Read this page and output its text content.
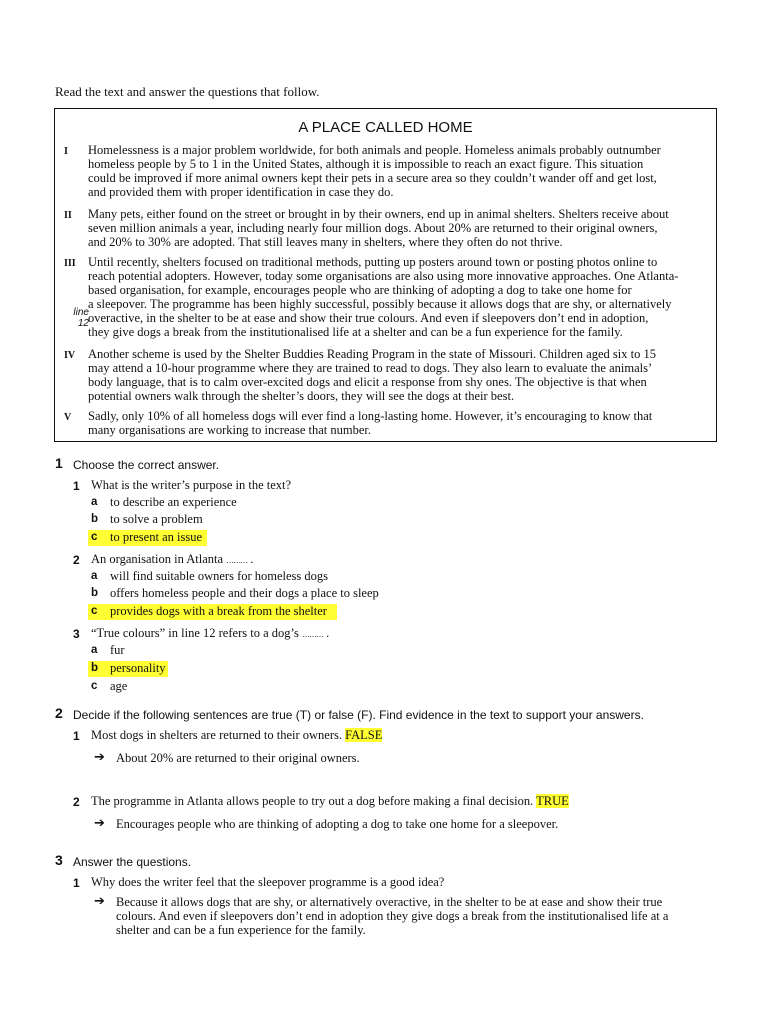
Read the text and answer the questions that follow.
A PLACE CALLED HOME
I Homelessness is a major problem worldwide, for both animals and people. Homeless animals probably outnumber
homeless people by 5 to 1 in the United States, although it is impossible to reach an exact figure. This situation
could be improved if more animal owners kept their pets in a secure area so they couldn’t wander off and get lost,
and provided them with proper identification in case they do.
II Many pets, either found on the street or brought in by their owners, end up in animal shelters. Shelters receive about
seven million animals a year, including nearly four million dogs. About 20% are returned to their original owners,
and 20% to 30% are adopted. That still leaves many in shelters, where they often do not thrive.
III
line
12
Until recently, shelters focused on traditional methods, putting up posters around town or posting photos online to
reach potential adopters. However, today some organisations are also using more innovative approaches. One Atlanta-
based organisation, for example, encourages people who are thinking of adopting a dog to take one home for
a sleepover. The programme has been highly successful, possibly because it allows dogs that are shy, or alternatively
overactive, in the shelter to be at ease and show their true colours. And even if sleepovers don’t end in adoption,
they give dogs a break from the institutionalised life at a shelter and can be a fun experience for the family.
IV Another scheme is used by the Shelter Buddies Reading Program in the state of Missouri. Children aged six to 15
may attend a 10-hour programme where they are trained to read to dogs. They also learn to evaluate the animals’
body language, that is to calm over-excited dogs and elicit a response from shy ones. The objective is that when
potential owners walk through the shelter’s doors, they will see the dogs at their best.
V Sadly, only 10% of all homeless dogs will ever find a long-lasting home. However, it’s encouraging to know that
many organisations are working to increase that number.
1 Choose the correct answer.
1 What is the writer’s purpose in the text?
a to describe an experience
b to solve a problem
c to present an issue
2 An organisation in Atlanta ……… .
a will find suitable owners for homeless dogs
b offers homeless people and their dogs a place to sleep
c provides dogs with a break from the shelter
3 “True colours” in line 12 refers to a dog’s ……… .
a fur
b personality
c age
2 Decide if the following sentences are true (T) or false (F). Find evidence in the text to support your answers.
1 Most dogs in shelters are returned to their owners. FALSE
➔ About 20% are returned to their original owners.
2 The programme in Atlanta allows people to try out a dog before making a final decision. TRUE
➔ Encourages people who are thinking of adopting a dog to take one home for a sleepover.
3 Answer the questions.
1 Why does the writer feel that the sleepover programme is a good idea?
➔ Because it allows dogs that are shy, or alternatively overactive, in the shelter to be at ease and show their true
colours. And even if sleepovers don’t end in adoption they give dogs a break from the institutionalised life at a
shelter and can be a fun experience for the family.
